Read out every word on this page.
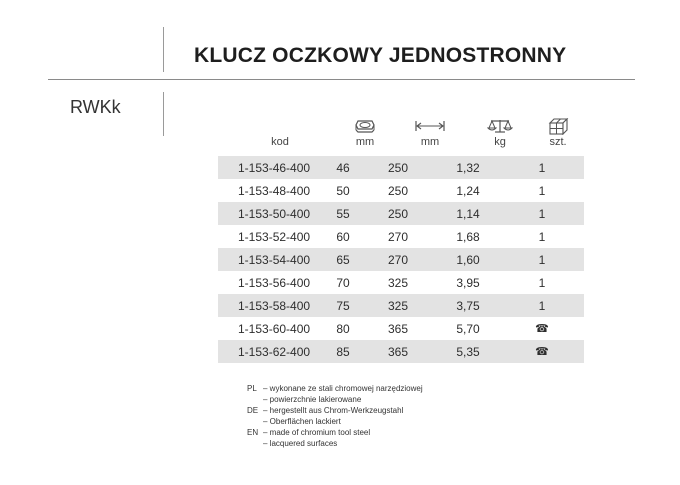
KLUCZ OCZKOWY JEDNOSTRONNY
RWKk
kod	mm	mm	kg	szt.
1-153-46-400	46	250	1,32	1
1-153-48-400	50	250	1,24	1
1-153-50-400	55	250	1,14	1
1-153-52-400	60	270	1,68	1
1-153-54-400	65	270	1,60	1
1-153-56-400	70	325	3,95	1
1-153-58-400	75	325	3,75	1
1-153-60-400	80	365	5,70	☎
1-153-62-400	85	365	5,35	☎
PL – wykonane ze stali chromowej narzędziowej
– powierzchnie lakierowane
DE – hergestellt aus Chrom-Werkzeugstahl
– Oberflächen lackiert
EN – made of chromium tool steel
– lacquered surfaces
